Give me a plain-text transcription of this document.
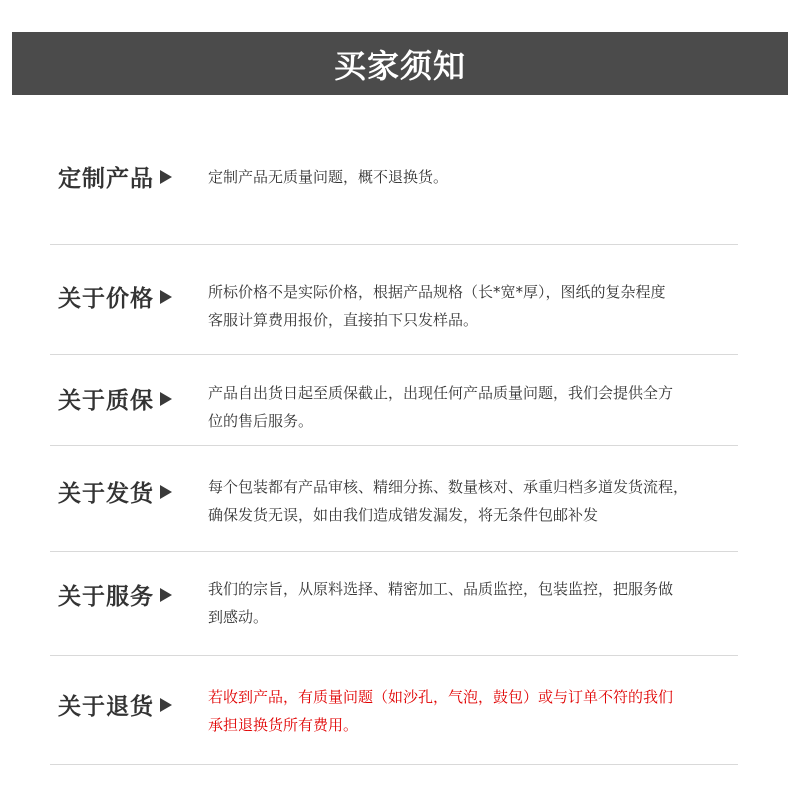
买家须知
定制产品	定制产品无质量问题，概不退换货。
关于价格	所标价格不是实际价格，根据产品规格（长*宽*厚），图纸的复杂程度
客服计算费用报价，直接拍下只发样品。
关于质保	产品自出货日起至质保截止，出现任何产品质量问题，我们会提供全方
位的售后服务。
关于发货	每个包装都有产品审核、精细分拣、数量核对、承重归档多道发货流程，
确保发货无误，如由我们造成错发漏发，将无条件包邮补发
关于服务	我们的宗旨，从原料选择、精密加工、品质监控，包装监控，把服务做
到感动。
关于退货	若收到产品，有质量问题（如沙孔，气泡，鼓包）或与订单不符的我们
承担退换货所有费用。
